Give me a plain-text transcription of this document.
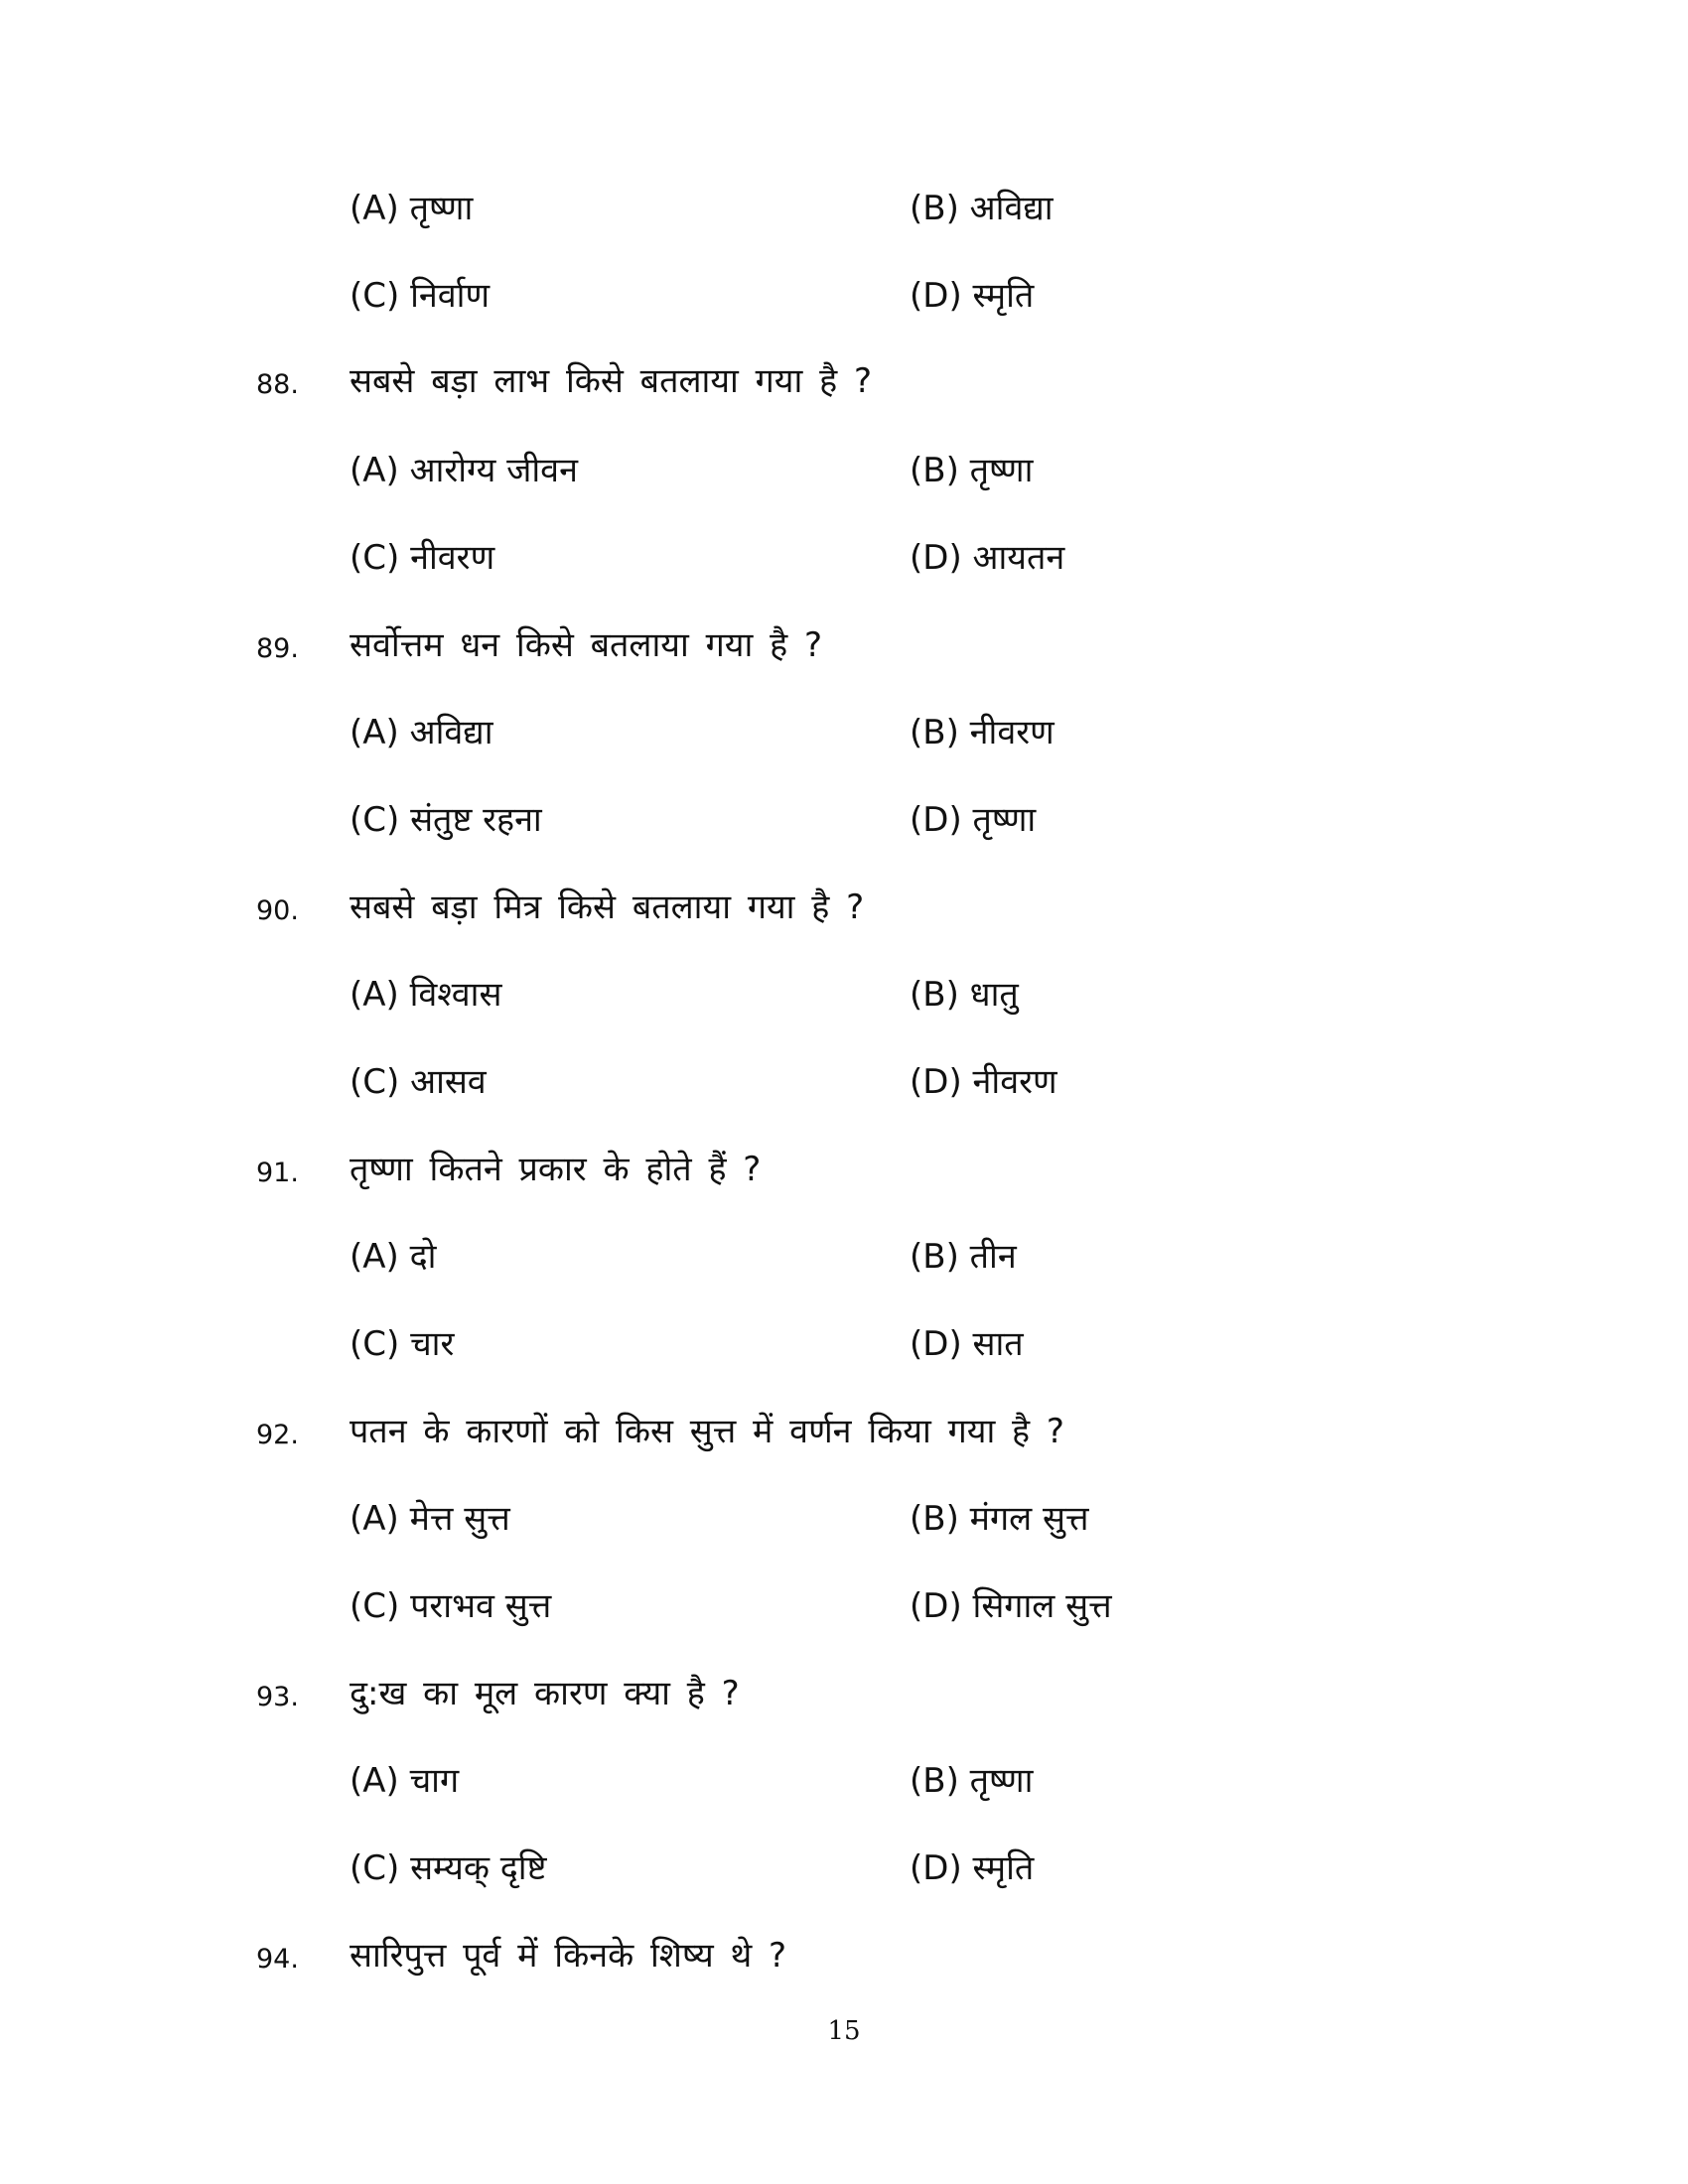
(A) तृष्णा	(B) अविद्या
(C) निर्वाण	(D) स्मृति
88. सबसे बड़ा लाभ किसे बतलाया गया है ?
(A) आरोग्य जीवन	(B) तृष्णा
(C) नीवरण	(D) आयतन
89. सर्वोत्तम धन किसे बतलाया गया है ?
(A) अविद्या	(B) नीवरण
(C) संतुष्ट रहना	(D) तृष्णा
90. सबसे बड़ा मित्र किसे बतलाया गया है ?
(A) विश्वास	(B) धातु
(C) आसव	(D) नीवरण
91. तृष्णा कितने प्रकार के होते हैं ?
(A) दो	(B) तीन
(C) चार	(D) सात
92. पतन के कारणों को किस सुत्त में वर्णन किया गया है ?
(A) मेत्त सुत्त	(B) मंगल सुत्त
(C) पराभव सुत्त	(D) सिगाल सुत्त
93. दु:ख का मूल कारण क्या है ?
(A) चाग	(B) तृष्णा
(C) सम्यक् दृष्टि	(D) स्मृति
94. सारिपुत्त पूर्व में किनके शिष्य थे ?
15
